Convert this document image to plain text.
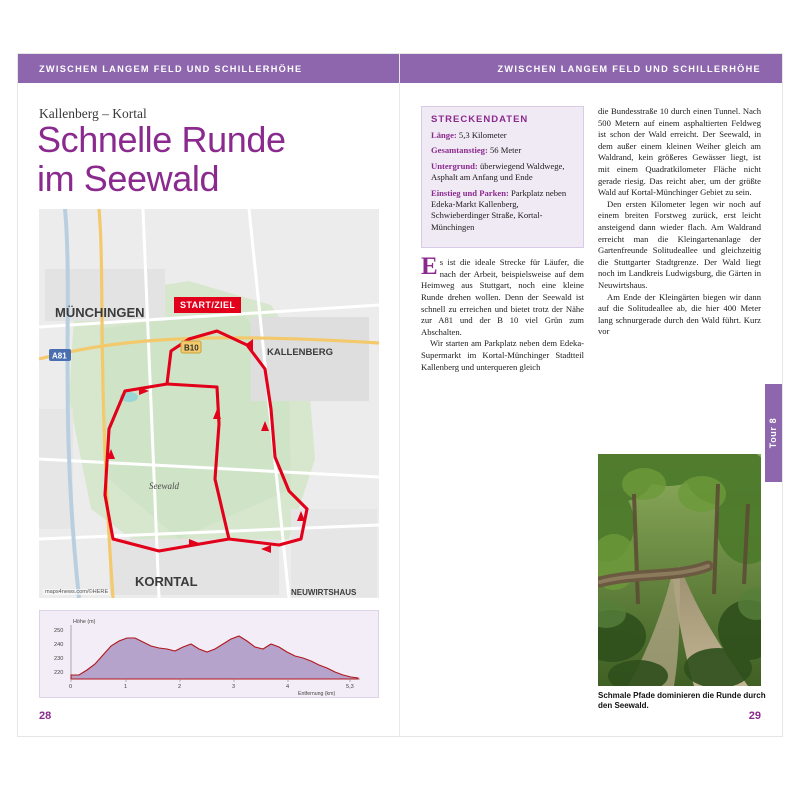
ZWISCHEN LANGEM FELD UND SCHILLERHÖHE
Kallenberg – Kortal
Schnelle Runde
im Seewald
MÜNCHINGEN
KALLENBERG
KORNTAL
NEUWIRTSHAUS
Seewald
A81
B10
START/ZIEL
maps4news.com/©HERE
Höhe (m)
250
240
230
220
0	1	2	3	4	5,3
Entfernung (km)
28
ZWISCHEN LANGEM FELD UND SCHILLERHÖHE
STRECKENDATEN

Länge: 5,3 Kilometer

Gesamtanstieg: 56 Meter

Untergrund: überwiegend Waldwege, Asphalt am Anfang und Ende

Einstieg und Parken: Parkplatz neben Edeka-Markt Kallenberg, Schwieberdinger Straße, Kortal-Münchingen

Es ist die ideale Strecke für Läufer, die nach der Arbeit, beispielsweise auf dem Heimweg aus Stuttgart, noch eine kleine Runde drehen wollen. Denn der Seewald ist schnell zu erreichen und bietet trotz der Nähe zur A81 und der B 10 viel Grün zum Abschalten.

Wir starten am Parkplatz neben dem Edeka-Supermarkt im Kortal-Münchinger Stadtteil Kallenberg und unterqueren gleich

die Bundesstraße 10 durch einen Tunnel. Nach 500 Metern auf einem asphaltierten Feldweg ist schon der Wald erreicht. Der Seewald, in dem außer einem kleinen Weiher gleich am Waldrand, kein größeres Gewässer liegt, ist mit einem Quadratkilometer Fläche nicht gerade riesig. Das reicht aber, um der größte Wald auf Kortal-Münchinger Gebiet zu sein.

Den ersten Kilometer legen wir noch auf einem breiten Forstweg zurück, erst leicht ansteigend dann wieder flach. Am Waldrand erreicht man die Kleingartenanlage der Gartenfreunde Solitudeallee und gleichzeitig die Stuttgarter Stadtgrenze. Der Wald liegt noch im Landkreis Ludwigsburg, die Gärten in Neuwirtshaus.

Am Ende der Kleingärten biegen wir dann auf die Solitudeallee ab, die hier 400 Meter lang schnurgerade durch den Wald führt. Kurz vor

Schmale Pfade dominieren die Runde durch den Seewald.
Tour 8
29
